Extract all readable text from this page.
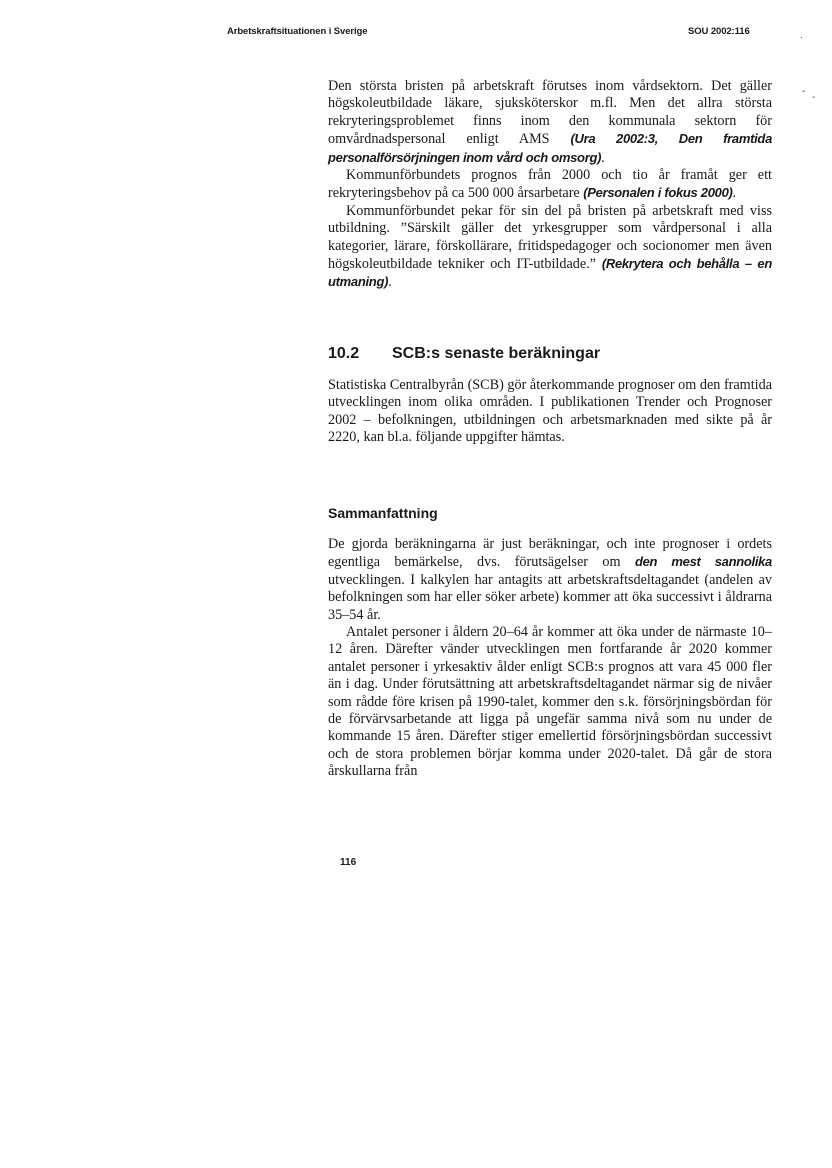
Arbetskraftsituationen i Sverige	SOU 2002:116	.
-
-

Den största bristen på arbetskraft förutses inom vårdsektorn. Det gäller högskoleutbildade läkare, sjuksköterskor m.fl. Men det allra största rekryteringsproblemet finns inom den kommunala sektorn för omvårdnadspersonal enligt AMS (Ura 2002:3, Den framtida personalförsörjningen inom vård och omsorg).

Kommunförbundets prognos från 2000 och tio år framåt ger ett rekryteringsbehov på ca 500 000 årsarbetare (Personalen i fokus 2000).

Kommunförbundet pekar för sin del på bristen på arbetskraft med viss utbildning. ”Särskilt gäller det yrkesgrupper som vårdpersonal i alla kategorier, lärare, förskollärare, fritidspedagoger och socionomer men även högskoleutbildade tekniker och IT-utbildade.” (Rekrytera och behålla – en utmaning).

10.2 SCB:s senaste beräkningar

Statistiska Centralbyrån (SCB) gör återkommande prognoser om den framtida utvecklingen inom olika områden. I publikationen Trender och Prognoser 2002 – befolkningen, utbildningen och arbetsmarknaden med sikte på år 2220, kan bl.a. följande uppgifter hämtas.

Sammanfattning

De gjorda beräkningarna är just beräkningar, och inte prognoser i ordets egentliga bemärkelse, dvs. förutsägelser om den mest sannolika utvecklingen. I kalkylen har antagits att arbetskraftsdeltagandet (andelen av befolkningen som har eller söker arbete) kommer att öka successivt i åldrarna 35–54 år.

Antalet personer i åldern 20–64 år kommer att öka under de närmaste 10–12 åren. Därefter vänder utvecklingen men fortfarande år 2020 kommer antalet personer i yrkesaktiv ålder enligt SCB:s prognos att vara 45 000 fler än i dag. Under förutsättning att arbetskraftsdeltagandet närmar sig de nivåer som rådde före krisen på 1990-talet, kommer den s.k. försörjningsbördan för de förvärvsarbetande att ligga på ungefär samma nivå som nu under de kommande 15 åren. Därefter stiger emellertid försörjningsbördan successivt och de stora problemen börjar komma under 2020-talet. Då går de stora årskullarna från

116
